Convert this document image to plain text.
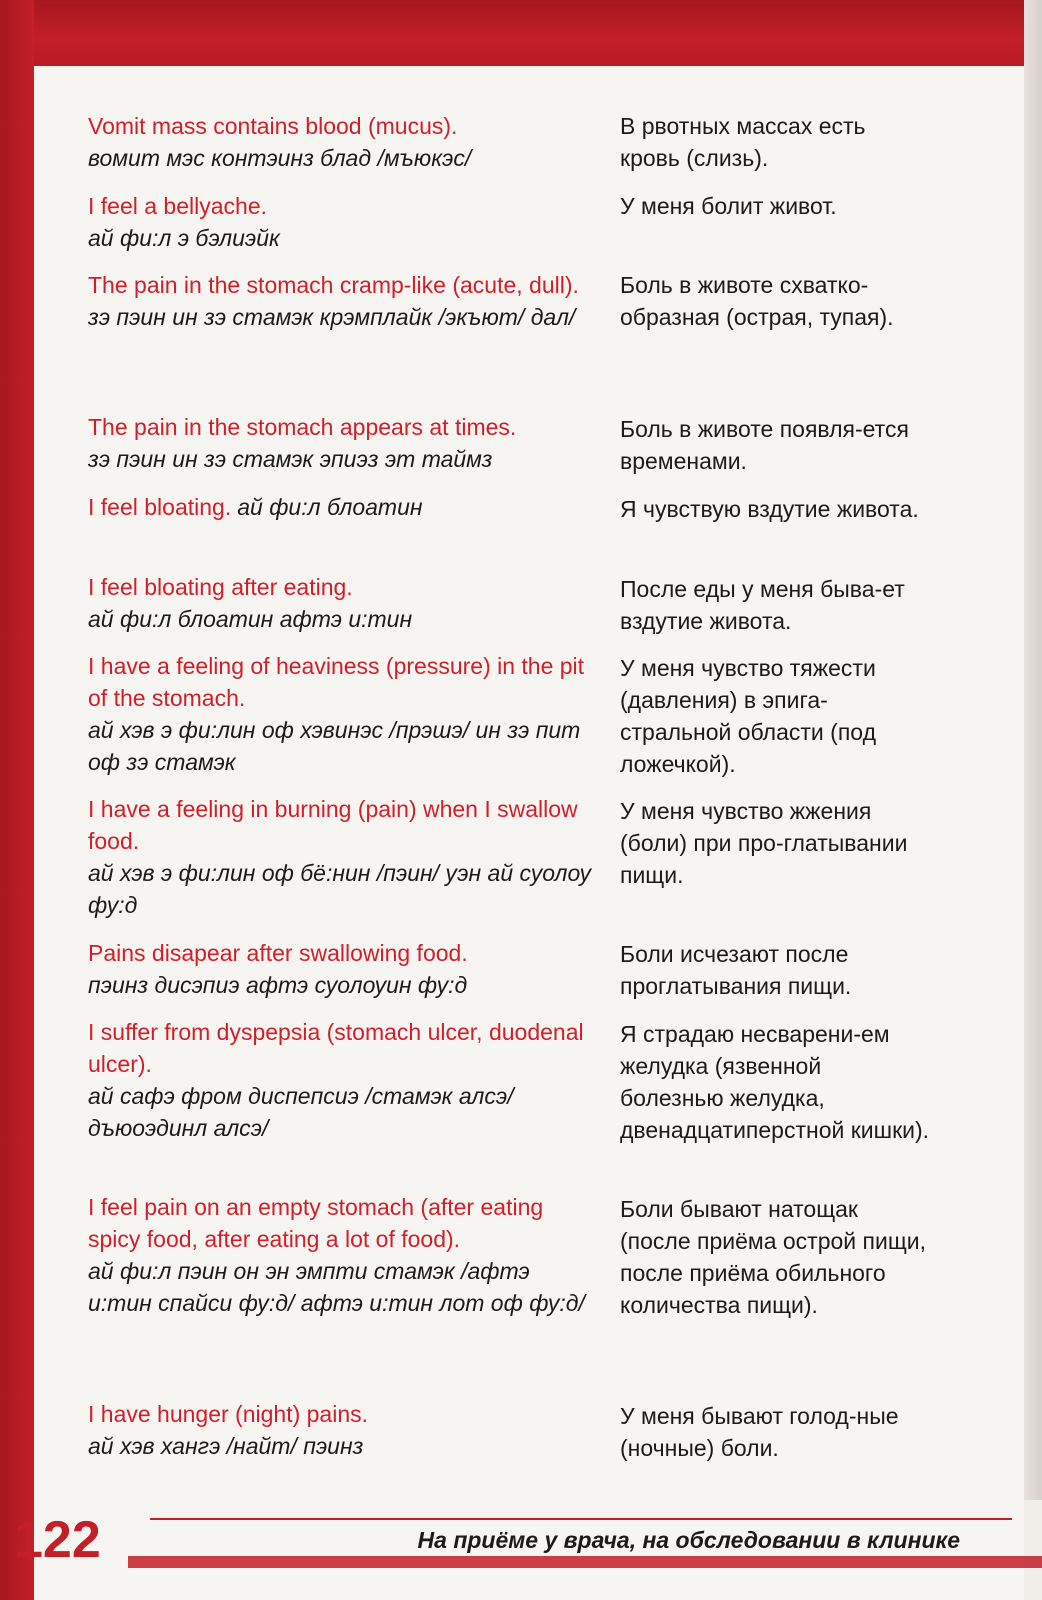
Vomit mass contains blood (mucus).

вомит мэс контэинз блад /мъюкэс/

В рвотных массах есть кровь (слизь).

I feel a bellyache.

ай фи:л э бэлиэйк

У меня болит живот.

The pain in the stomach cramp-like (acute, dull).

зэ пэин ин зэ стамэк крэмплайк /экъют/ дал/

Боль в животе схватко-образная (острая, тупая).

The pain in the stomach appears at times.

зэ пэин ин зэ стамэк эпиэз эт таймз

Боль в животе появля-ется временами.

I feel bloating. ай фи:л блоатин	Я чувствую вздутие живота.

I feel bloating after eating.

ай фи:л блоатин афтэ и:тин

После еды у меня быва-ет вздутие живота.

I have a feeling of heaviness (pressure) in the pit of the stomach.

ай хэв э фи:лин оф хэвинэс /прэшэ/ ин зэ пит оф зэ стамэк

У меня чувство тяжести (давления) в эпига-стральной области (под ложечкой).

I have a feeling in burning (pain) when I swallow food.

ай хэв э фи:лин оф бё:нин /пэин/ уэн ай суолоу фу:д

У меня чувство жжения (боли) при про-глатывании пищи.

Pains disapear after swallowing food.

пэинз дисэпиэ афтэ суолоуин фу:д

Боли исчезают после проглатывания пищи.

I suffer from dyspepsia (stomach ulcer, duodenal ulcer).

ай сафэ фром диспепсиэ /стамэк алсэ/ дъюоэдинл алсэ/

Я страдаю несварени-ем желудка (язвенной болезнью желудка, двенадцатиперстной кишки).

I feel pain on an empty stomach (after eating spicy food, after eating a lot of food).

ай фи:л пэин он эн эмпти стамэк /афтэ и:тин спайси фу:д/ афтэ и:тин лот оф фу:д/

Боли бывают натощак (после приёма острой пищи, после приёма обильного количества пищи).

I have hunger (night) pains.

ай хэв хангэ /найт/ пэинз

У меня бывают голод-ные (ночные) боли.

122	На приёме у врача, на обследовании в клинике
